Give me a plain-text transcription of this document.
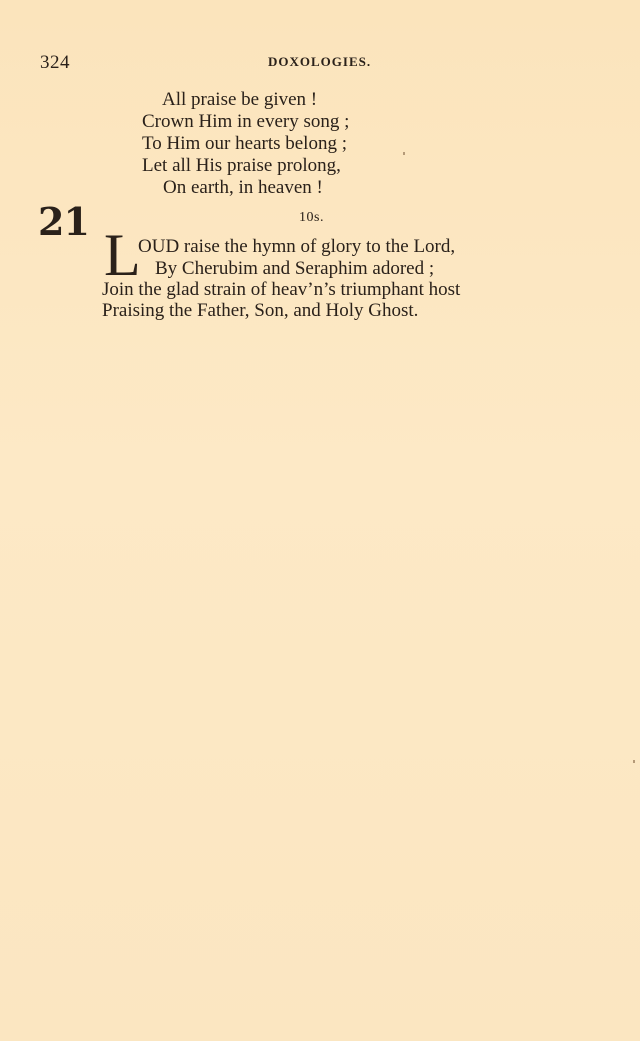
324	DOXOLOGIES.
All praise be given !
Crown Him in every song ;
To Him our hearts belong ;
Let all His praise prolong,
On earth, in heaven !
21	10s.
L
OUD raise the hymn of glory to the Lord,
By Cherubim and Seraphim adored ;
Join the glad strain of heav’n’s triumphant host
Praising the Father, Son, and Holy Ghost.
